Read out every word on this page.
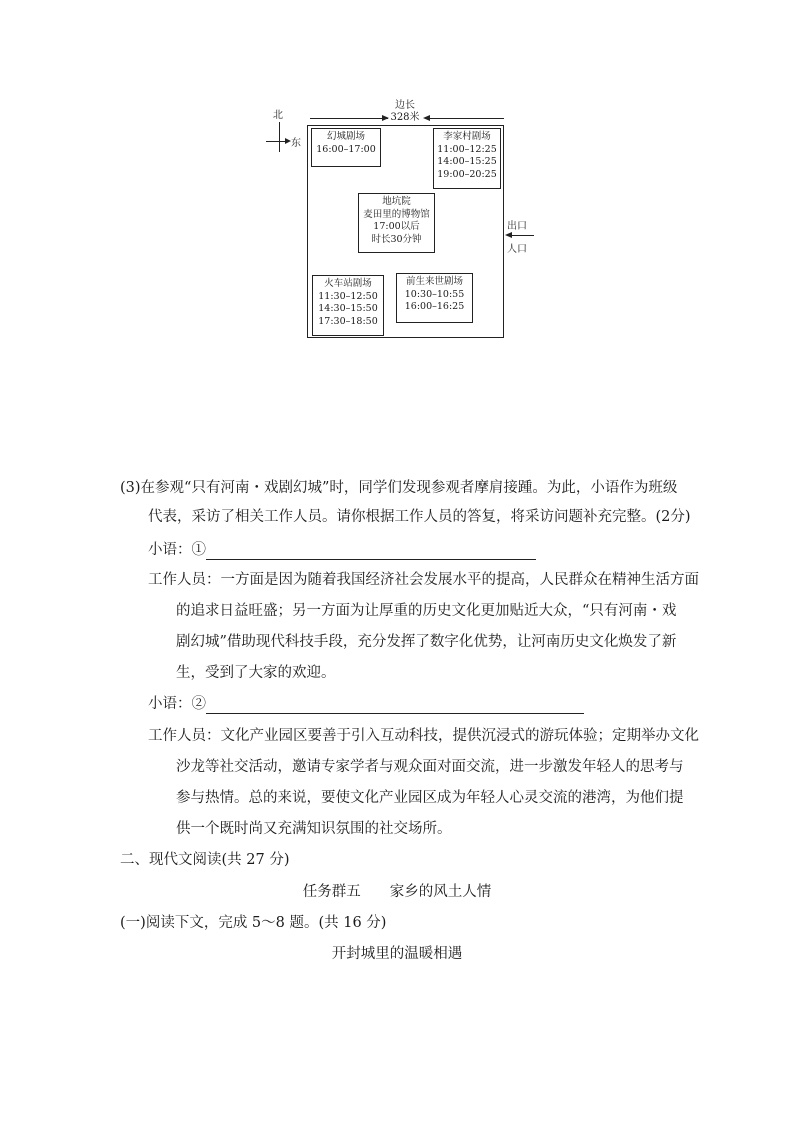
北
东
边长
328米
幻城剧场
16:00–17:00
李家村剧场
11:00–12:25
14:00–15:25
19:00–20:25
地坑院
麦田里的博物馆
17:00以后
时长30分钟
火车站剧场
11:30–12:50
14:30–15:50
17:30–18:50
前生来世剧场
10:30–10:55
16:00–16:25
出口
人口
(3)在参观“只有河南・戏剧幻城”时，同学们发现参观者摩肩接踵。为此，小语作为班级
代表，采访了相关工作人员。请你根据工作人员的答复，将采访问题补充完整。(2分)
小语：①
工作人员：一方面是因为随着我国经济社会发展水平的提高，人民群众在精神生活方面
的追求日益旺盛；另一方面为让厚重的历史文化更加贴近大众，“只有河南・戏
剧幻城”借助现代科技手段，充分发挥了数字化优势，让河南历史文化焕发了新
生，受到了大家的欢迎。
小语：②
工作人员：文化产业园区要善于引入互动科技，提供沉浸式的游玩体验；定期举办文化
沙龙等社交活动，邀请专家学者与观众面对面交流，进一步激发年轻人的思考与
参与热情。总的来说，要使文化产业园区成为年轻人心灵交流的港湾，为他们提
供一个既时尚又充满知识氛围的社交场所。
二、现代文阅读(共 27 分)
任务群五　　家乡的风土人情
(一)阅读下文，完成 5～8 题。(共 16 分)
开封城里的温暖相遇
